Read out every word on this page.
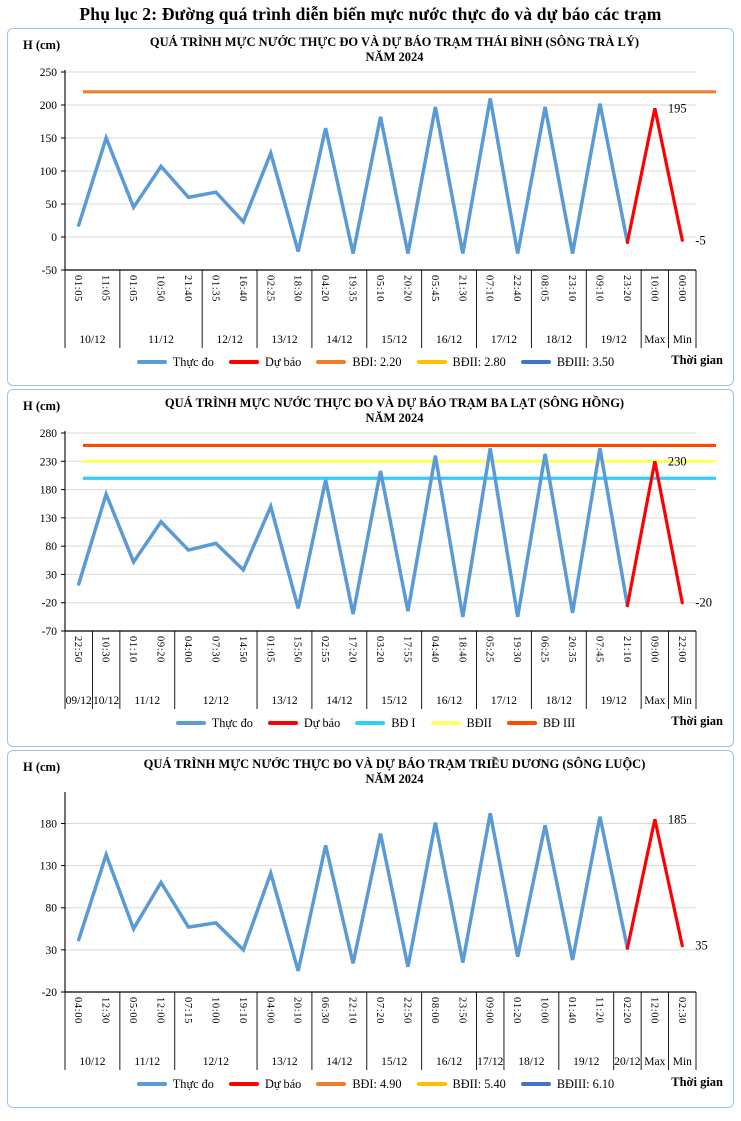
Phụ lục 2: Đường quá trình diễn biến mực nước thực đo và dự báo các trạm
H (cm)	QUÁ TRÌNH MỰC NƯỚC THỰC ĐO VÀ DỰ BÁO TRẠM THÁI BÌNH (SÔNG TRÀ LÝ)
NĂM 2024
-50
0
50
100
150
200
250
195
-5
01:05 11:05 01:05 10:50 21:40 01:35 16:40 02:25 18:30 04:20 19:35 05:10 20:20 05:45 21:30 07:10 22:40 08:05 23:10 09:10 23:20 10:00 00:00
10/12	11/12	12/12 13/12 14/12 15/12 16/12 17/12 18/12 19/12 Max Min
Thực đo	Dự báo	BĐI: 2.20	BĐII: 2.80	BĐIII: 3.50	Thời gian
H (cm)	QUÁ TRÌNH MỰC NƯỚC THỰC ĐO VÀ DỰ BÁO TRẠM BA LẠT (SÔNG HỒNG)
NĂM 2024
-70
-20
30
80
130
180
230
280
230
-20
22:50 10:30 01:10 09:20 04:00 07:30 14:50 01:05 15:50 02:55 17:20 03:20 17:55 04:40 18:40 05:25 19:30 06:25 20:35 07:45 21:10 09:00 22:00
09/12 10/12 11/12	12/12	13/12 14/12 15/12 16/12 17/12 18/12 19/12 Max Min
Thực đo	Dự báo	BĐ I	BĐII	BĐ III	Thời gian
H (cm)	QUÁ TRÌNH MỰC NƯỚC THỰC ĐO VÀ DỰ BÁO TRẠM TRIỀU DƯƠNG (SÔNG LUỘC)
NĂM 2024
-20
30
80
130
180	185
35
04:00 12:30 05:00 12:00 07:15 10:00 19:10 04:00 20:10 06:30 22:10 07:20 22:50 08:00 23:50 09:00 01:20 10:00 01:40 11:20 02:20 12:00 02:30
10/12	11/12	12/12	13/12 14/12 15/12 16/12 17/12 18/12 19/12 20/12 Max Min
Thực đo	Dự báo	BĐI: 4.90	BĐII: 5.40	BĐIII: 6.10	Thời gian
